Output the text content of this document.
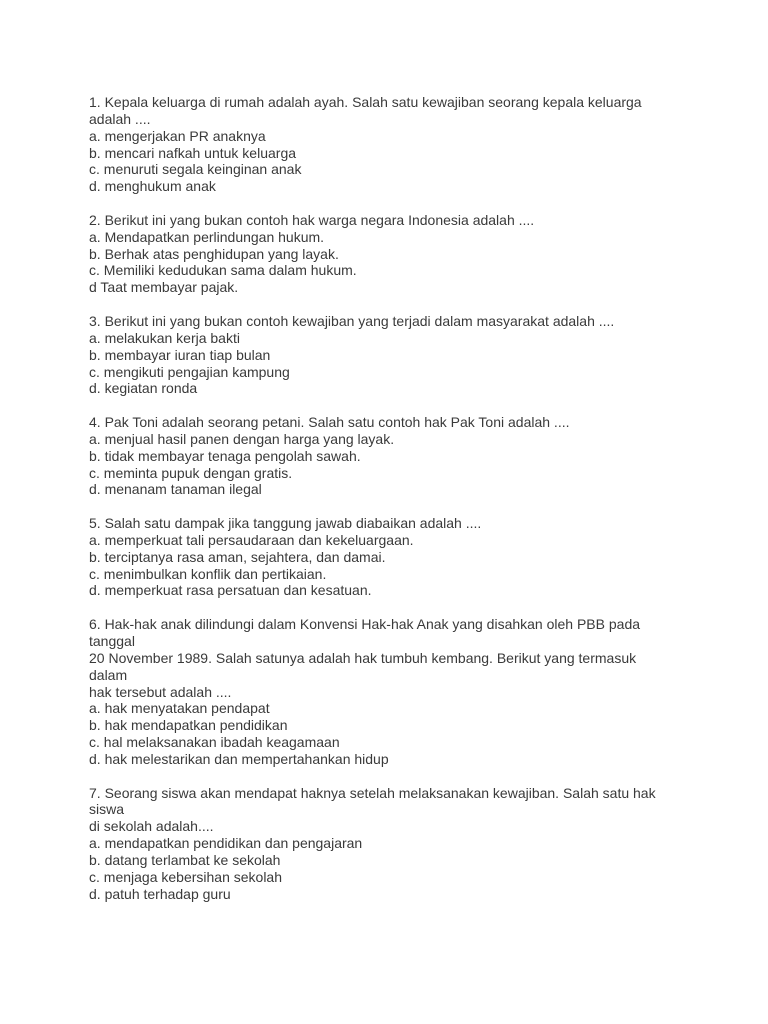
1. Kepala keluarga di rumah adalah ayah. Salah satu kewajiban seorang kepala keluarga
adalah ....
a. mengerjakan PR anaknya
b. mencari nafkah untuk keluarga
c. menuruti segala keinginan anak
d. menghukum anak
2. Berikut ini yang bukan contoh hak warga negara Indonesia adalah ....
a. Mendapatkan perlindungan hukum.
b. Berhak atas penghidupan yang layak.
c. Memiliki kedudukan sama dalam hukum.
d Taat membayar pajak.
3. Berikut ini yang bukan contoh kewajiban yang terjadi dalam masyarakat adalah ....
a. melakukan kerja bakti
b. membayar iuran tiap bulan
c. mengikuti pengajian kampung
d. kegiatan ronda
4. Pak Toni adalah seorang petani. Salah satu contoh hak Pak Toni adalah ....
a. menjual hasil panen dengan harga yang layak.
b. tidak membayar tenaga pengolah sawah.
c. meminta pupuk dengan gratis.
d. menanam tanaman ilegal
5. Salah satu dampak jika tanggung jawab diabaikan adalah ....
a. memperkuat tali persaudaraan dan kekeluargaan.
b. terciptanya rasa aman, sejahtera, dan damai.
c. menimbulkan konflik dan pertikaian.
d. memperkuat rasa persatuan dan kesatuan.
6. Hak-hak anak dilindungi dalam Konvensi Hak-hak Anak yang disahkan oleh PBB pada
tanggal
20 November 1989. Salah satunya adalah hak tumbuh kembang. Berikut yang termasuk
dalam
hak tersebut adalah ....
a. hak menyatakan pendapat
b. hak mendapatkan pendidikan
c. hal melaksanakan ibadah keagamaan
d. hak melestarikan dan mempertahankan hidup
7. Seorang siswa akan mendapat haknya setelah melaksanakan kewajiban. Salah satu hak
siswa
di sekolah adalah....
a. mendapatkan pendidikan dan pengajaran
b. datang terlambat ke sekolah
c. menjaga kebersihan sekolah
d. patuh terhadap guru
